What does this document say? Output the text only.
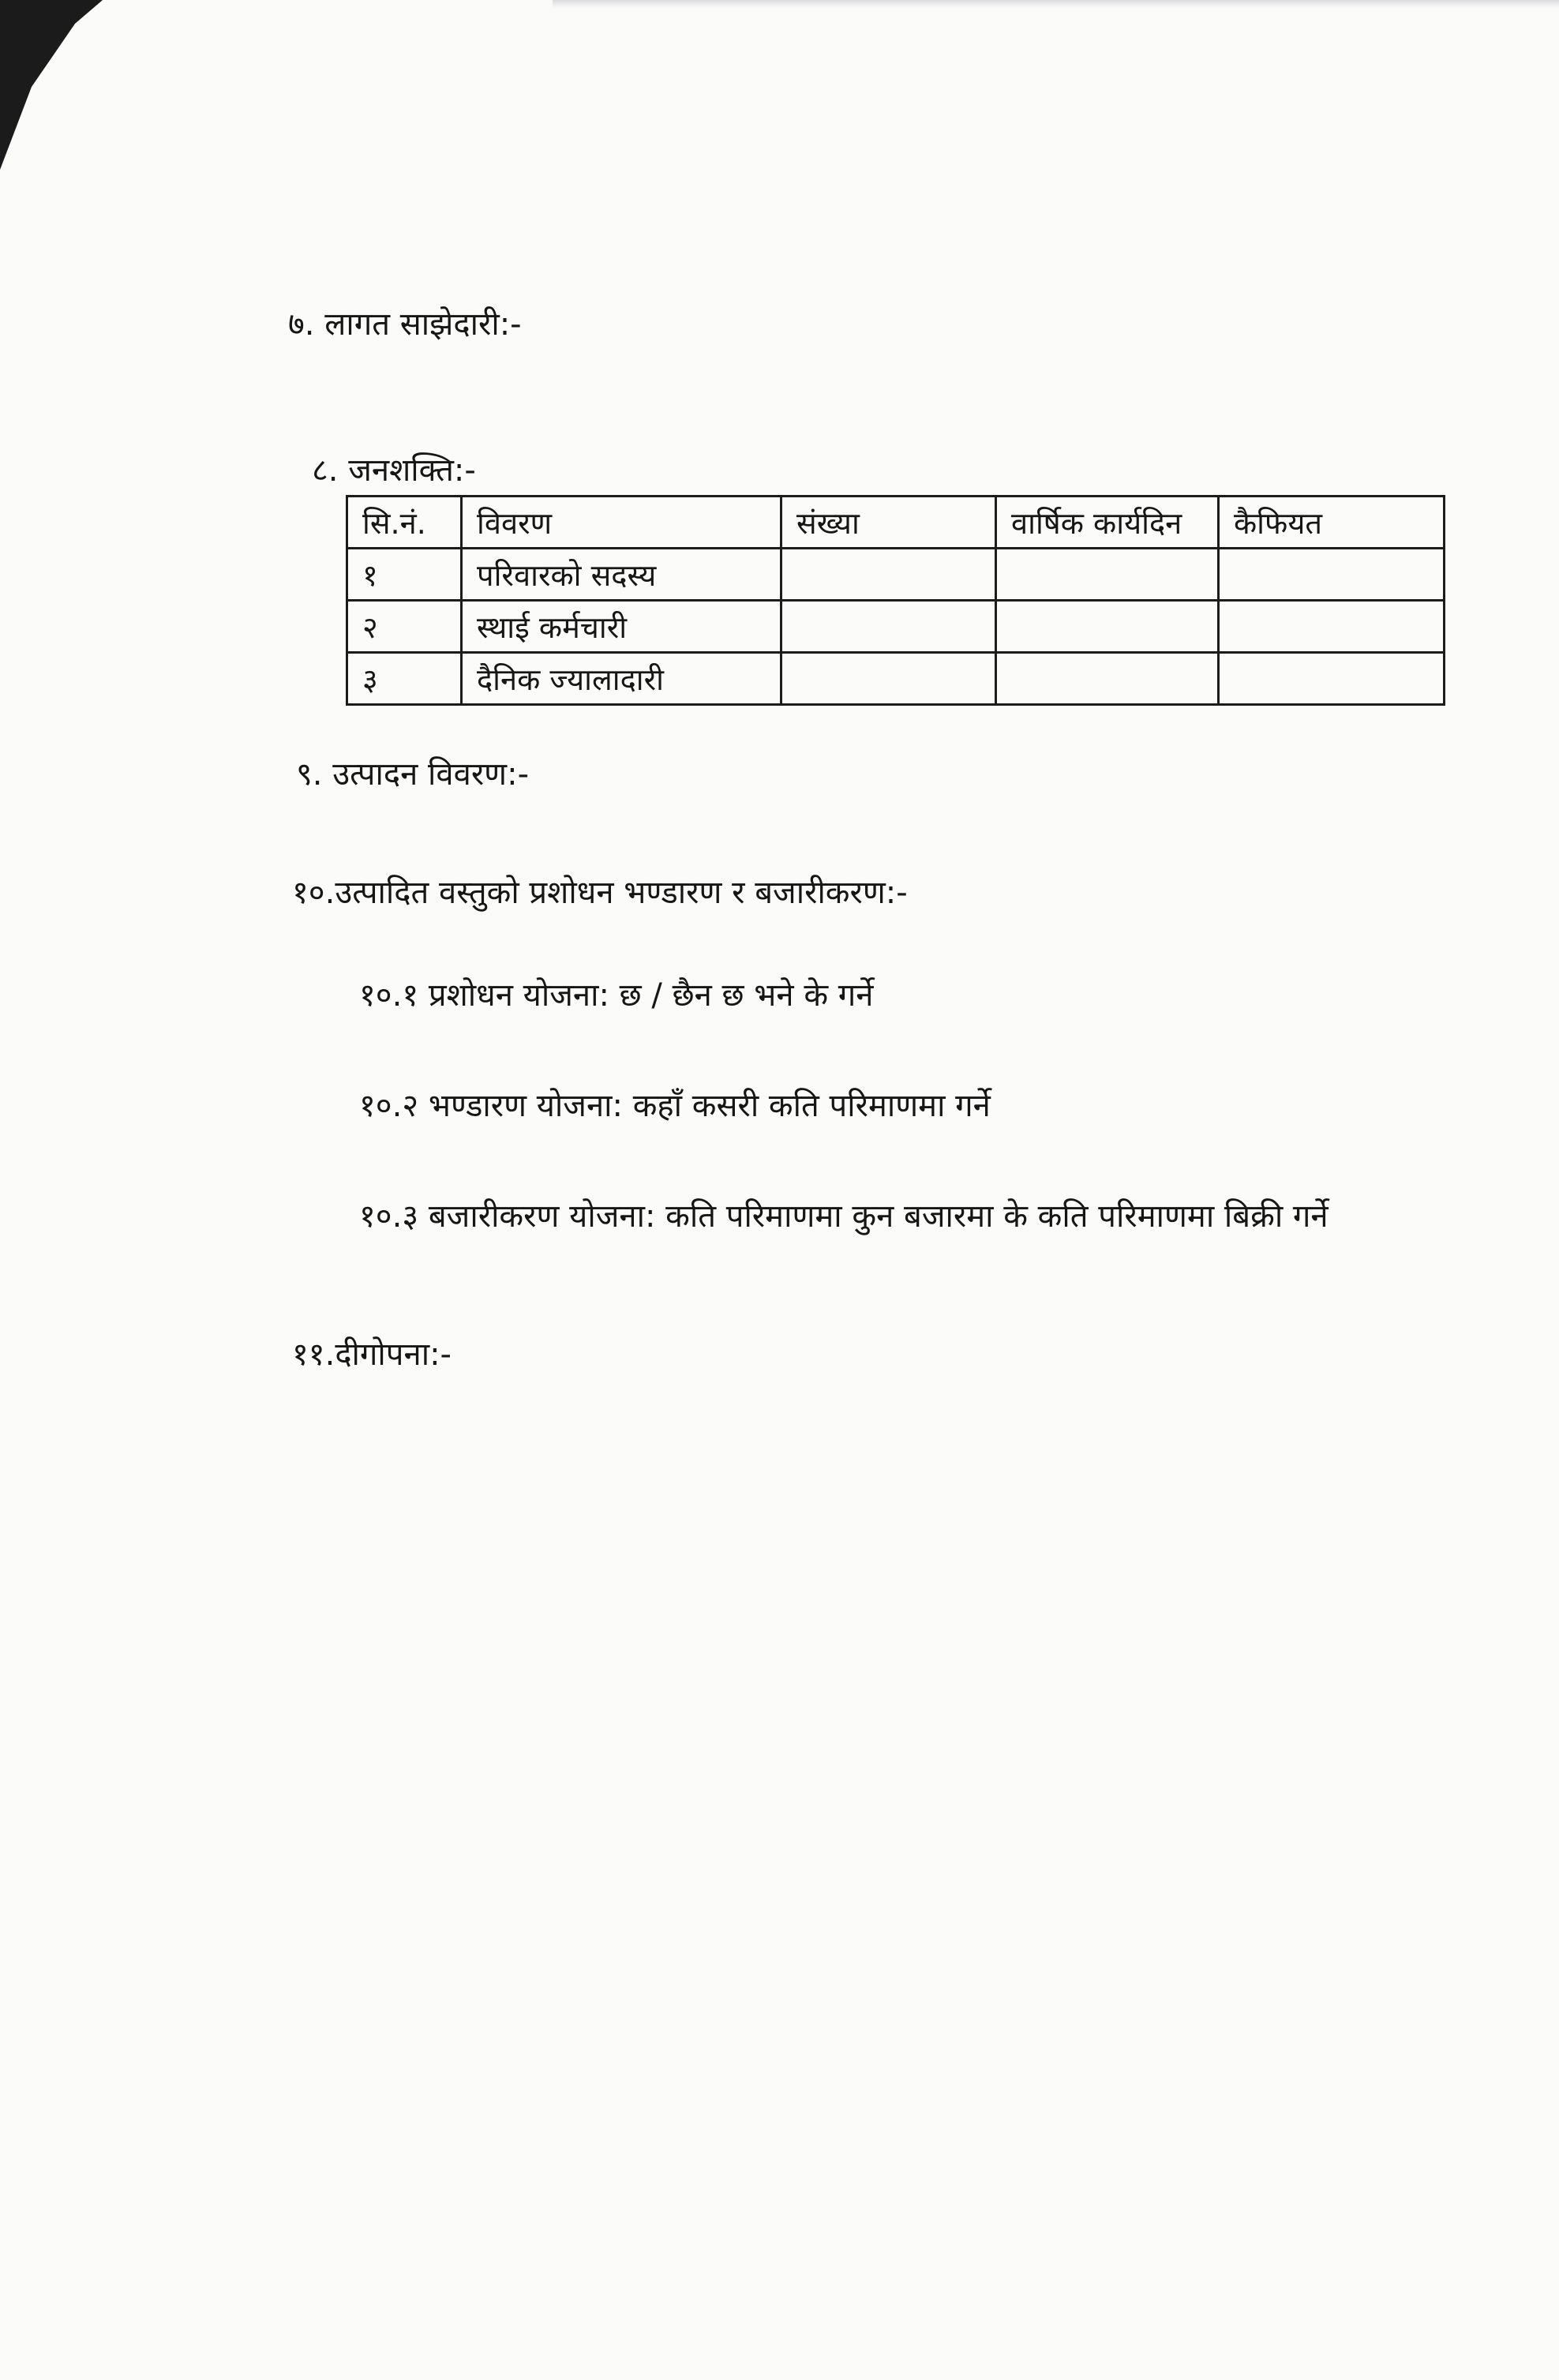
७. लागत साझेदारी:-
८. जनशक्ति:-
सि.नं.	विवरण	संख्या	वार्षिक कार्यदिन	कैफियत
१	परिवारको सदस्य			
२	स्थाई कर्मचारी			
३	दैनिक ज्यालादारी			
९. उत्पादन विवरण:-
१०.उत्पादित वस्तुको प्रशोधन भण्डारण र बजारीकरण:-
१०.१ प्रशोधन योजना: छ / छैन छ भने के गर्ने
१०.२ भण्डारण योजना: कहाँ कसरी कति परिमाणमा गर्ने
१०.३ बजारीकरण योजना: कति परिमाणमा कुन बजारमा के कति परिमाणमा बिक्री गर्ने
११.दीगोपना:-
